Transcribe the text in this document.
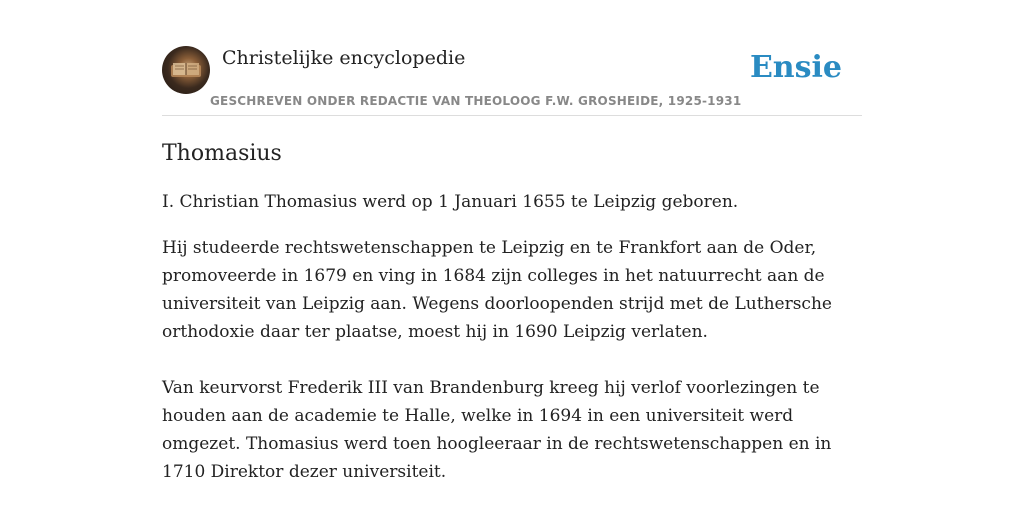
Christelijke encyclopedie
GESCHREVEN ONDER REDACTIE VAN THEOLOOG F.W. GROSHEIDE, 1925-1931
Ensie
Thomasius

I. Christian Thomasius werd op 1 Januari 1655 te Leipzig geboren.

Hij studeerde rechtswetenschappen te Leipzig en te Frankfort aan de Oder, promoveerde in 1679 en ving in 1684 zijn colleges in het natuurrecht aan de universiteit van Leipzig aan. Wegens doorloopenden strijd met de Luthersche orthodoxie daar ter plaatse, moest hij in 1690 Leipzig verlaten.

Van keurvorst Frederik III van Brandenburg kreeg hij verlof voorlezingen te houden aan de academie te Halle, welke in 1694 in een universiteit werd omgezet. Thomasius werd toen hoogleeraar in de rechtswetenschappen en in 1710 Direktor dezer universiteit.
